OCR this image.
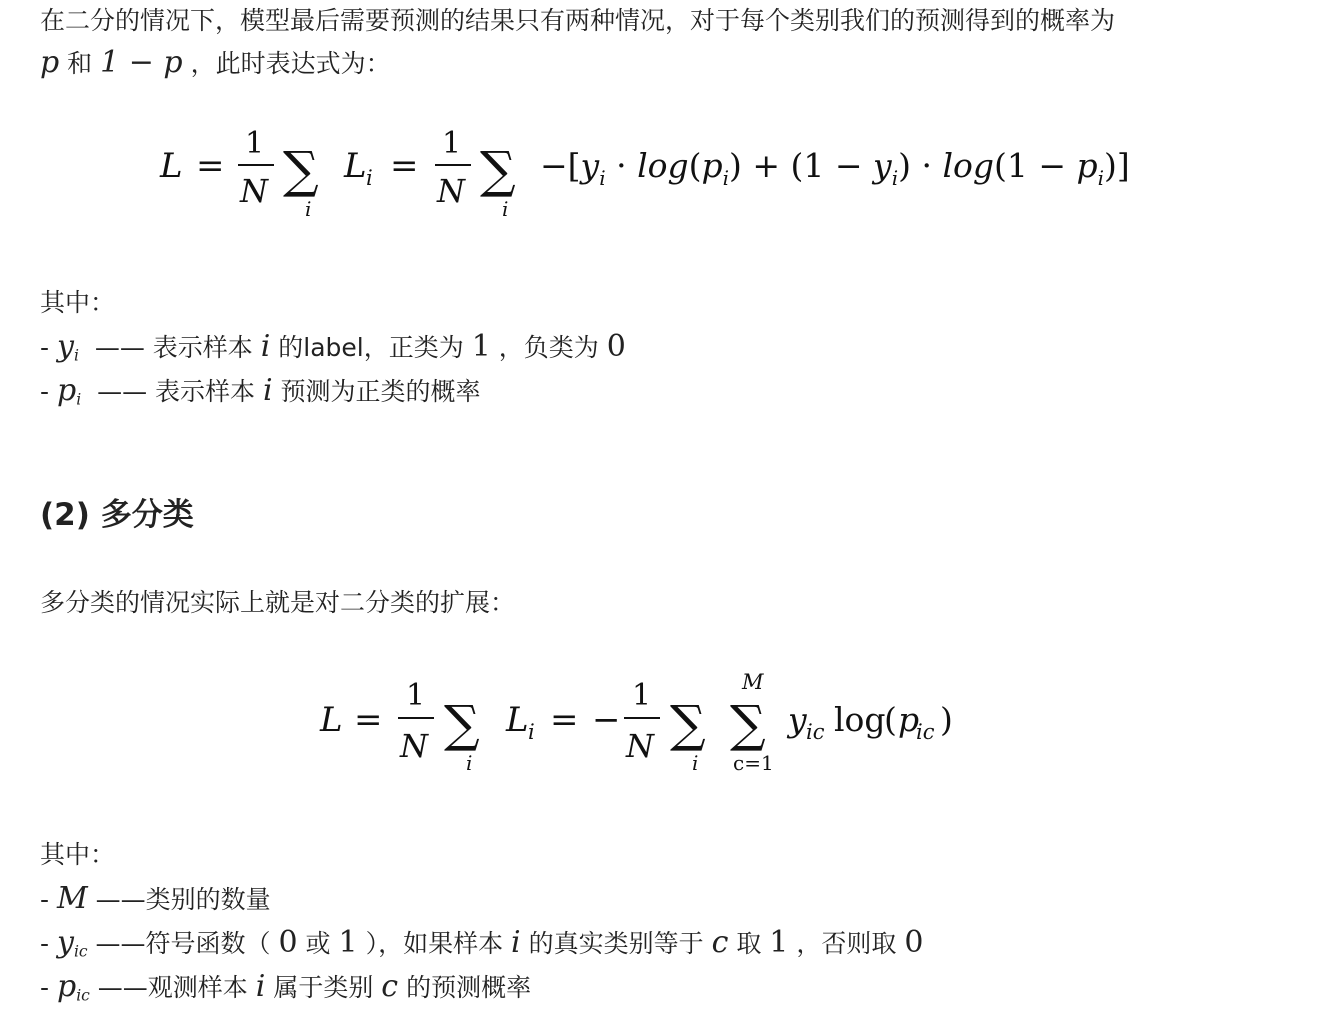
在二分的情况下，模型最后需要预测的结果只有两种情况，对于每个类别我们的预测得到的概率为
p 和 1 − p ，此时表达式为：
L =
1
N ∑
i
L i =
1
N ∑
i
$-[y_i \cdot \log(p_i) + (1 - y_i) \cdot \log(1 - p_i)]$
其中：
- $y_i$ —— 表示样本 i 的label，正类为 1 ，负类为 0
- $p_i$ —— 表示样本 i 预测为正类的概率
(2) 多分类
多分类的情况实际上就是对二分类的扩展：
L =
1
N ∑
i
L i = −
1
N ∑
i
M
∑
c=1
y ic log
( p
ic )
其中：
- M ——类别的数量
- $y_{ic}$ ——符号函数（ 0 或 1 ），如果样本 i 的真实类别等于 c 取 1 ，否则取 0
- $p_{ic}$ ——观测样本 i 属于类别 c 的预测概率
